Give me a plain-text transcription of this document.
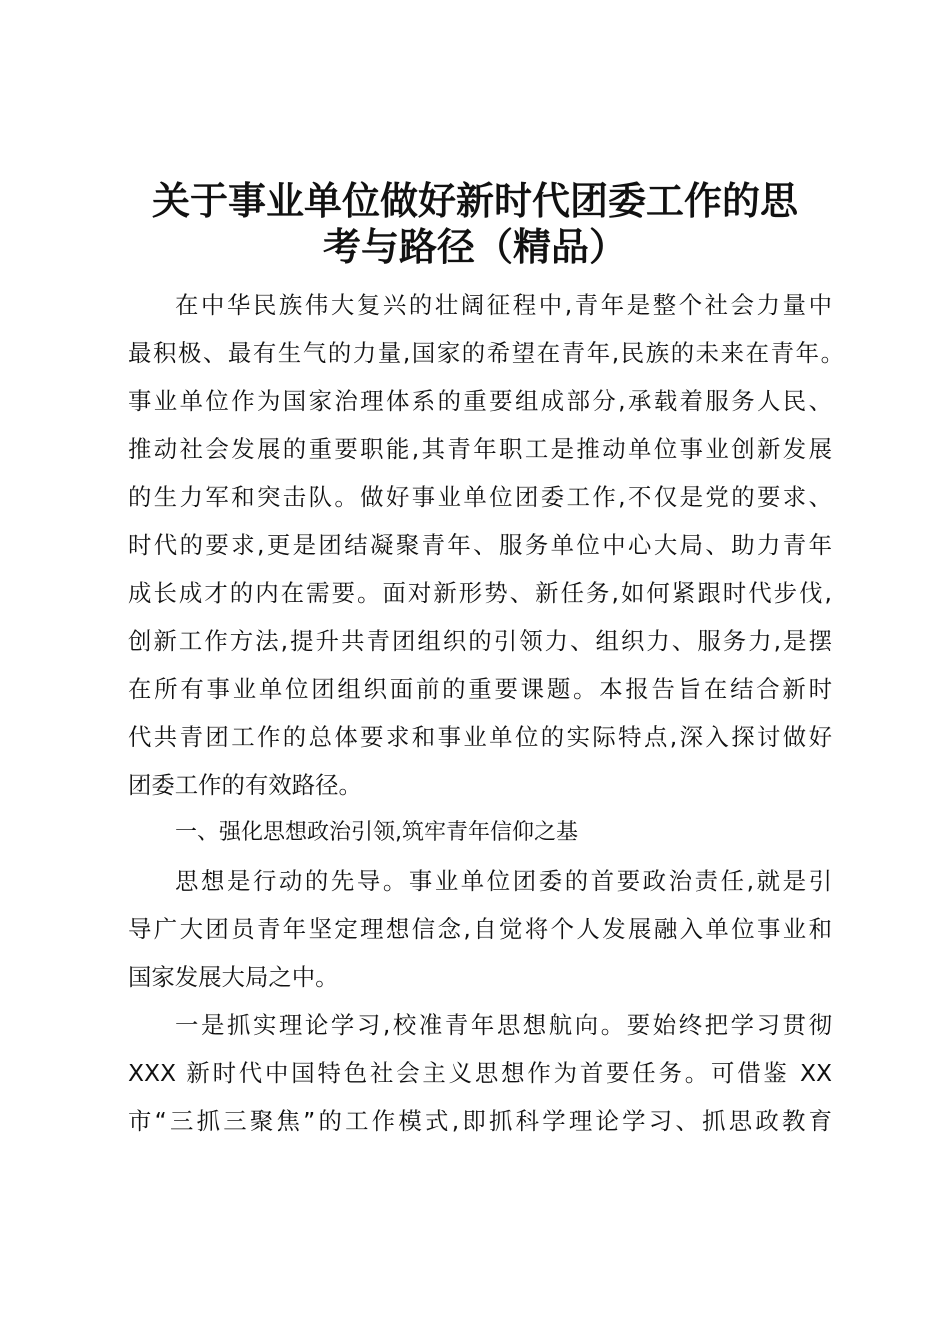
关于事业单位做好新时代团委工作的思
考与路径（精品）
在中华民族伟大复兴的壮阔征程中,青年是整个社会力量中
最积极、最有生气的力量,国家的希望在青年,民族的未来在青年。
事业单位作为国家治理体系的重要组成部分,承载着服务人民、
推动社会发展的重要职能,其青年职工是推动单位事业创新发展
的生力军和突击队。做好事业单位团委工作,不仅是党的要求、
时代的要求,更是团结凝聚青年、服务单位中心大局、助力青年
成长成才的内在需要。面对新形势、新任务,如何紧跟时代步伐,
创新工作方法,提升共青团组织的引领力、组织力、服务力,是摆
在所有事业单位团组织面前的重要课题。本报告旨在结合新时
代共青团工作的总体要求和事业单位的实际特点,深入探讨做好
团委工作的有效路径。
一、强化思想政治引领,筑牢青年信仰之基
思想是行动的先导。事业单位团委的首要政治责任,就是引
导广大团员青年坚定理想信念,自觉将个人发展融入单位事业和
国家发展大局之中。
一是抓实理论学习,校准青年思想航向。要始终把学习贯彻
XXX 新时代中国特色社会主义思想作为首要任务。可借鉴 XX
市“三抓三聚焦”的工作模式,即抓科学理论学习、抓思政教育
